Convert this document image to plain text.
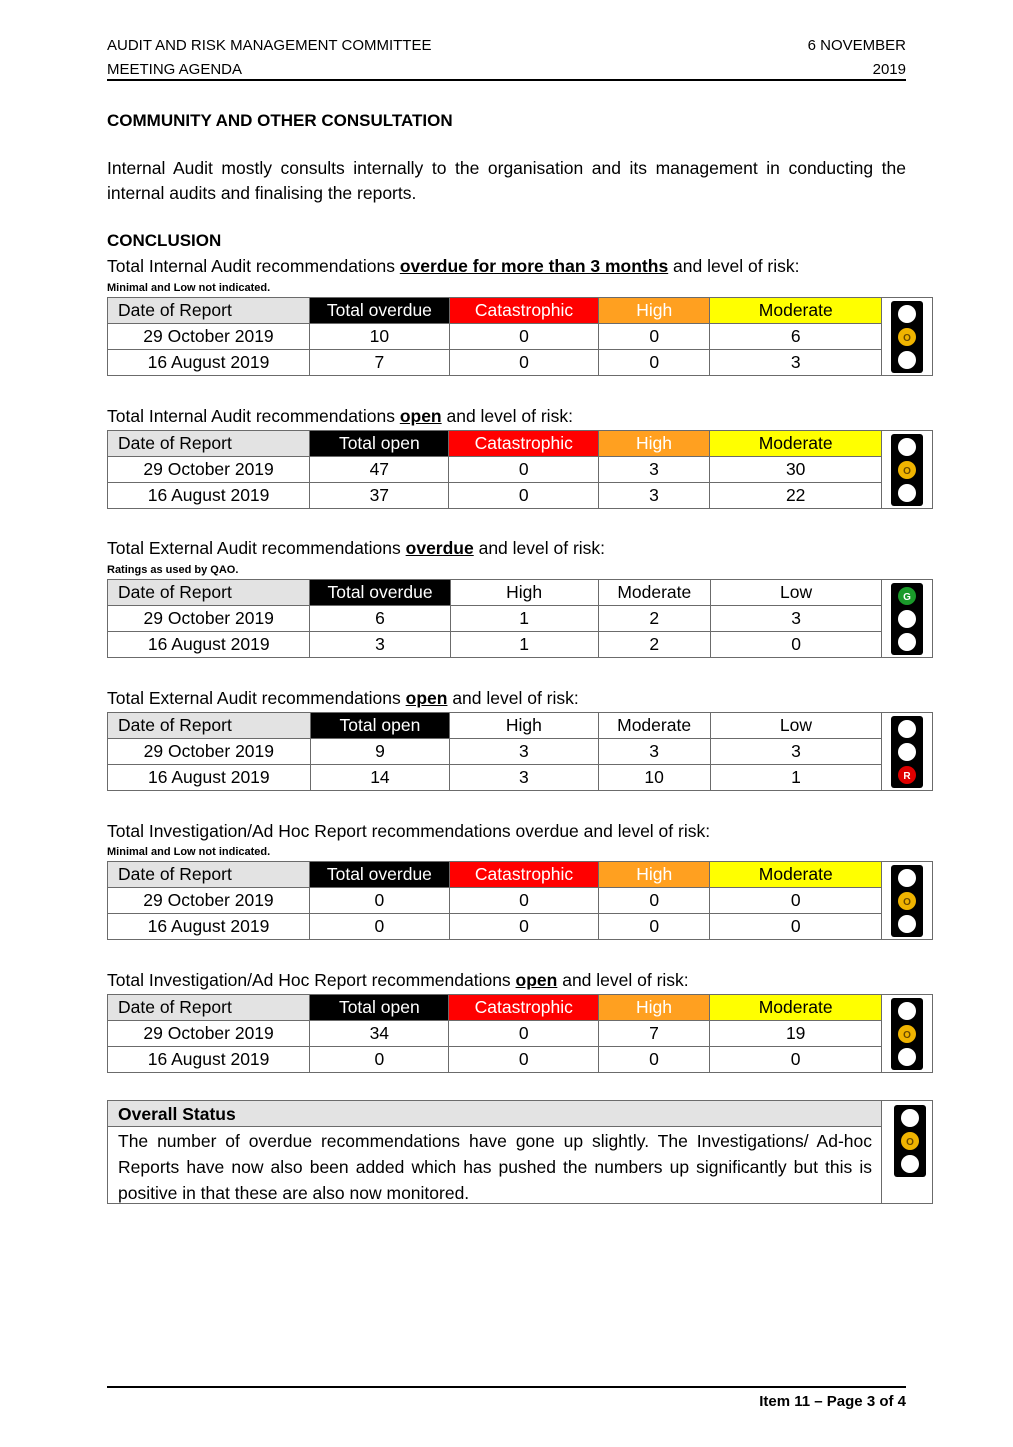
AUDIT AND RISK MANAGEMENT COMMITTEE
MEETING AGENDA
6 NOVEMBER
2019
COMMUNITY AND OTHER CONSULTATION
Internal Audit mostly consults internally to the organisation and its management in conducting the internal audits and finalising the reports.
CONCLUSION
Total Internal Audit recommendations overdue for more than 3 months and level of risk:
Minimal and Low not indicated.
Date of Report	Total overdue	Catastrophic	High	Moderate	O

29 October 2019	10	0	0	6	
16 August 2019	7	0	0	3	
Total Internal Audit recommendations open and level of risk:
Date of Report	Total open	Catastrophic	High	Moderate	O

29 October 2019	47	0	3	30	
16 August 2019	37	0	3	22	
Total External Audit recommendations overdue and level of risk:
Ratings as used by QAO.
Date of Report	Total overdue	High	Moderate	Low	G

29 October 2019	6	1	2	3	
16 August 2019	3	1	2	0	
Total External Audit recommendations open and level of risk:
Date of Report	Total open	High	Moderate	Low	R

29 October 2019	9	3	3	3	
16 August 2019	14	3	10	1	
Total Investigation/Ad Hoc Report recommendations overdue and level of risk:
Minimal and Low not indicated.
Date of Report	Total overdue	Catastrophic	High	Moderate	O

29 October 2019	0	0	0	0	
16 August 2019	0	0	0	0	
Total Investigation/Ad Hoc Report recommendations open and level of risk:
Date of Report	Total open	Catastrophic	High	Moderate	O

29 October 2019	34	0	7	19	
16 August 2019	0	0	0	0	
Overall Status
The number of overdue recommendations have gone up slightly. The Investigations/ Ad-hoc Reports have now also been added which has pushed the numbers up significantly but this is positive in that these are also now monitored.
O
Item 11 – Page 3 of 4
